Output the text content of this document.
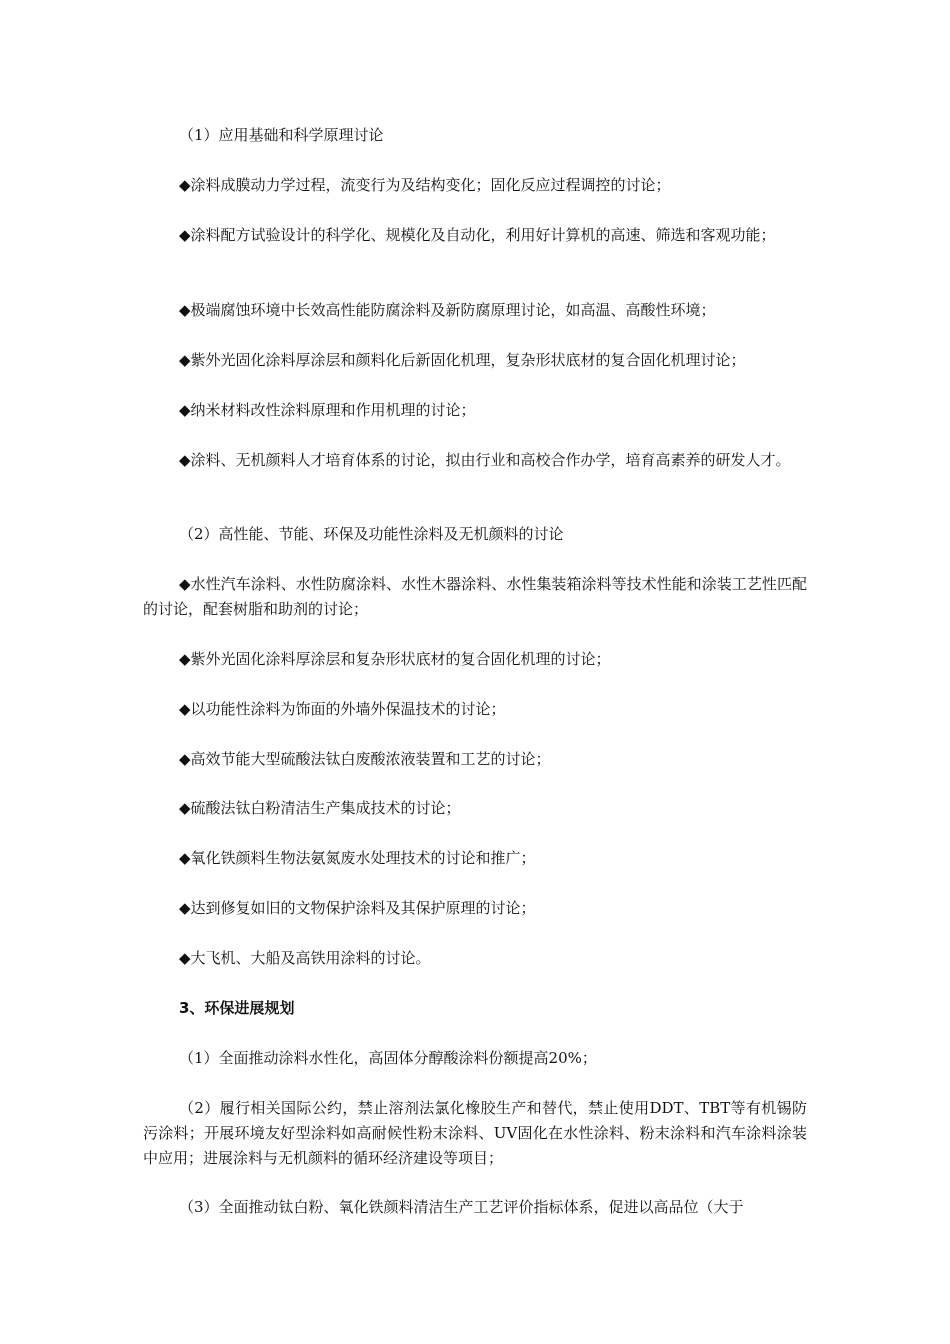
（1）应用基础和科学原理讨论

◆涂料成膜动力学过程，流变行为及结构变化；固化反应过程调控的讨论；

◆涂料配方试验设计的科学化、规模化及自动化，利用好计算机的高速、筛选和客观功能；

◆极端腐蚀环境中长效高性能防腐涂料及新防腐原理讨论，如高温、高酸性环境；

◆紫外光固化涂料厚涂层和颜料化后新固化机理，复杂形状底材的复合固化机理讨论；

◆纳米材料改性涂料原理和作用机理的讨论；

◆涂料、无机颜料人才培育体系的讨论，拟由行业和高校合作办学，培育高素养的研发人才。

（2）高性能、节能、环保及功能性涂料及无机颜料的讨论

◆水性汽车涂料、水性防腐涂料、水性木器涂料、水性集装箱涂料等技术性能和涂装工艺性匹配的讨论，配套树脂和助剂的讨论；

◆紫外光固化涂料厚涂层和复杂形状底材的复合固化机理的讨论；

◆以功能性涂料为饰面的外墙外保温技术的讨论；

◆高效节能大型硫酸法钛白废酸浓液装置和工艺的讨论；

◆硫酸法钛白粉清洁生产集成技术的讨论；

◆氧化铁颜料生物法氨氮废水处理技术的讨论和推广；

◆达到修复如旧的文物保护涂料及其保护原理的讨论；

◆大飞机、大船及高铁用涂料的讨论。

3、环保进展规划

（1）全面推动涂料水性化，高固体分醇酸涂料份额提高20%；

（2）履行相关国际公约，禁止溶剂法氯化橡胶生产和替代，禁止使用DDT、TBT等有机锡防污涂料；开展环境友好型涂料如高耐候性粉末涂料、UV固化在水性涂料、粉末涂料和汽车涂料涂装中应用；进展涂料与无机颜料的循环经济建设等项目；

（3）全面推动钛白粉、氧化铁颜料清洁生产工艺评价指标体系，促进以高品位（大于
